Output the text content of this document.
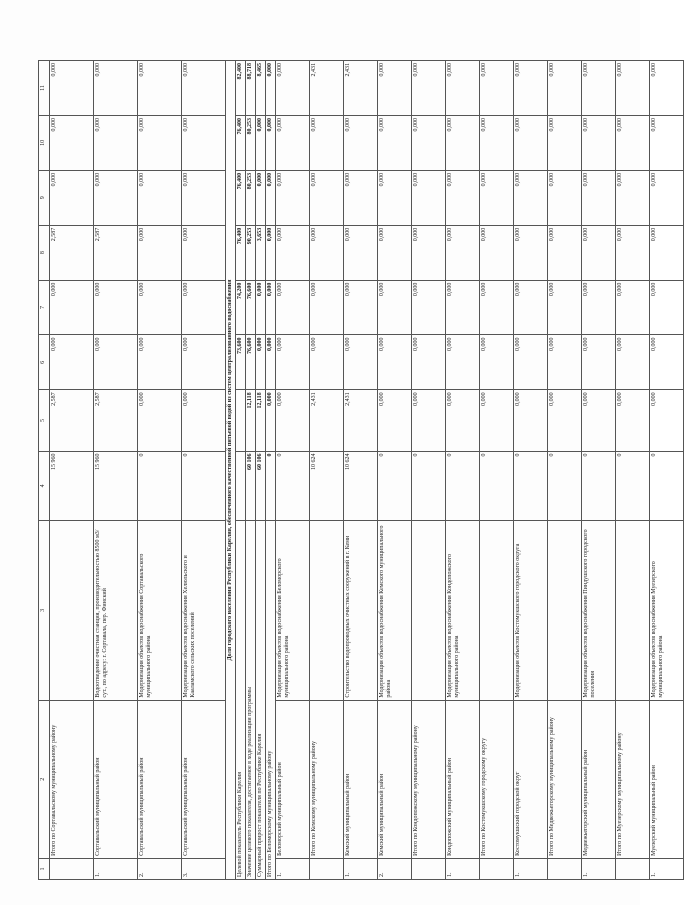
1	2	3	4	5	6	7	8	9	10	11
	Итого по Сортавальскому муниципальному району		15 960	2,587	0,000	0,000	2,587	0,000	0,000	0,000
1.	Сортавальский муниципальный район	Водоотведение очистная станция, производительностью 8500 м3/сут., по адресу: г. Сортавала, пер. Финский	15 960	2,587	0,000	0,000	2,587	0,000	0,000	0,000
2.	Сортавальский муниципальный район	Модернизация объектов водоснабжения Сортавальского муниципального района	0	0,000	0,000	0,000	0,000	0,000	0,000	0,000
3.	Сортавальский муниципальный район	Модернизация объектов водоснабжения Хелюльского и Кааламского сельских поселений	0	0,000	0,000	0,000	0,000	0,000	0,000	0,000
Доля городского населения Республики Карелия, обеспеченного качественной питьевой водой из систем централизованного водоснабжения										
Целевой показатель Республики Карелия					73,600	74,200	76,400	76,400	76,400	82,400
Значение целевого показателя, достигаемое в ходе реализации программы			60 106	12,118	76,600	76,600	90,253	80,253	80,253	88,718
Суммарный прирост показателя по Республике Карелия			60 106	12,118	0,000	0,000	3,653	0,000	0,000	8,465
Итого по Беломорскому муниципальному району			0	0,000	0,000	0,000	0,000	0,000	0,000	0,000
1.	Беломорский муниципальный район	Модернизация объектов водоснабжения Беломорского муниципального района	0	0,000	0,000	0,000	0,000	0,000	0,000	0,000
	Итого по Кемскому муниципальному району		10 624	2,431	0,000	0,000	0,000	0,000	0,000	2,431
1.	Кемский муниципальный район	Строительство водопроводных очистных сооружений в г. Кеми	10 624	2,431	0,000	0,000	0,000	0,000	0,000	2,431
2.	Кемский муниципальный район	Модернизация объектов водоснабжения Кемского муниципального района	0	0,000	0,000	0,000	0,000	0,000	0,000	0,000
	Итого по Кондопожскому муниципальному району		0	0,000	0,000	0,000	0,000	0,000	0,000	0,000
1.	Кондопожский муниципальный район	Модернизация объектов водоснабжения Кондопожского муниципального района	0	0,000	0,000	0,000	0,000	0,000	0,000	0,000
	Итого по Костомукшскому городскому округу		0	0,000	0,000	0,000	0,000	0,000	0,000	0,000
1.	Костомукшский городской округ	Модернизация объектов Костомукшского городского округа	0	0,000	0,000	0,000	0,000	0,000	0,000	0,000
	Итого по Медвежьегорскому муниципальному району		0	0,000	0,000	0,000	0,000	0,000	0,000	0,000
1.	Медвежьегорский муниципальный район	Модернизация объектов водоснабжения Пиндушского городского поселения	0	0,000	0,000	0,000	0,000	0,000	0,000	0,000
	Итого по Муезерскому муниципальному району		0	0,000	0,000	0,000	0,000	0,000	0,000	0,000
1.	Муезерский муниципальный район	Модернизация объектов водоснабжения Муезерского муниципального района	0	0,000	0,000	0,000	0,000	0,000	0,000	0,000
